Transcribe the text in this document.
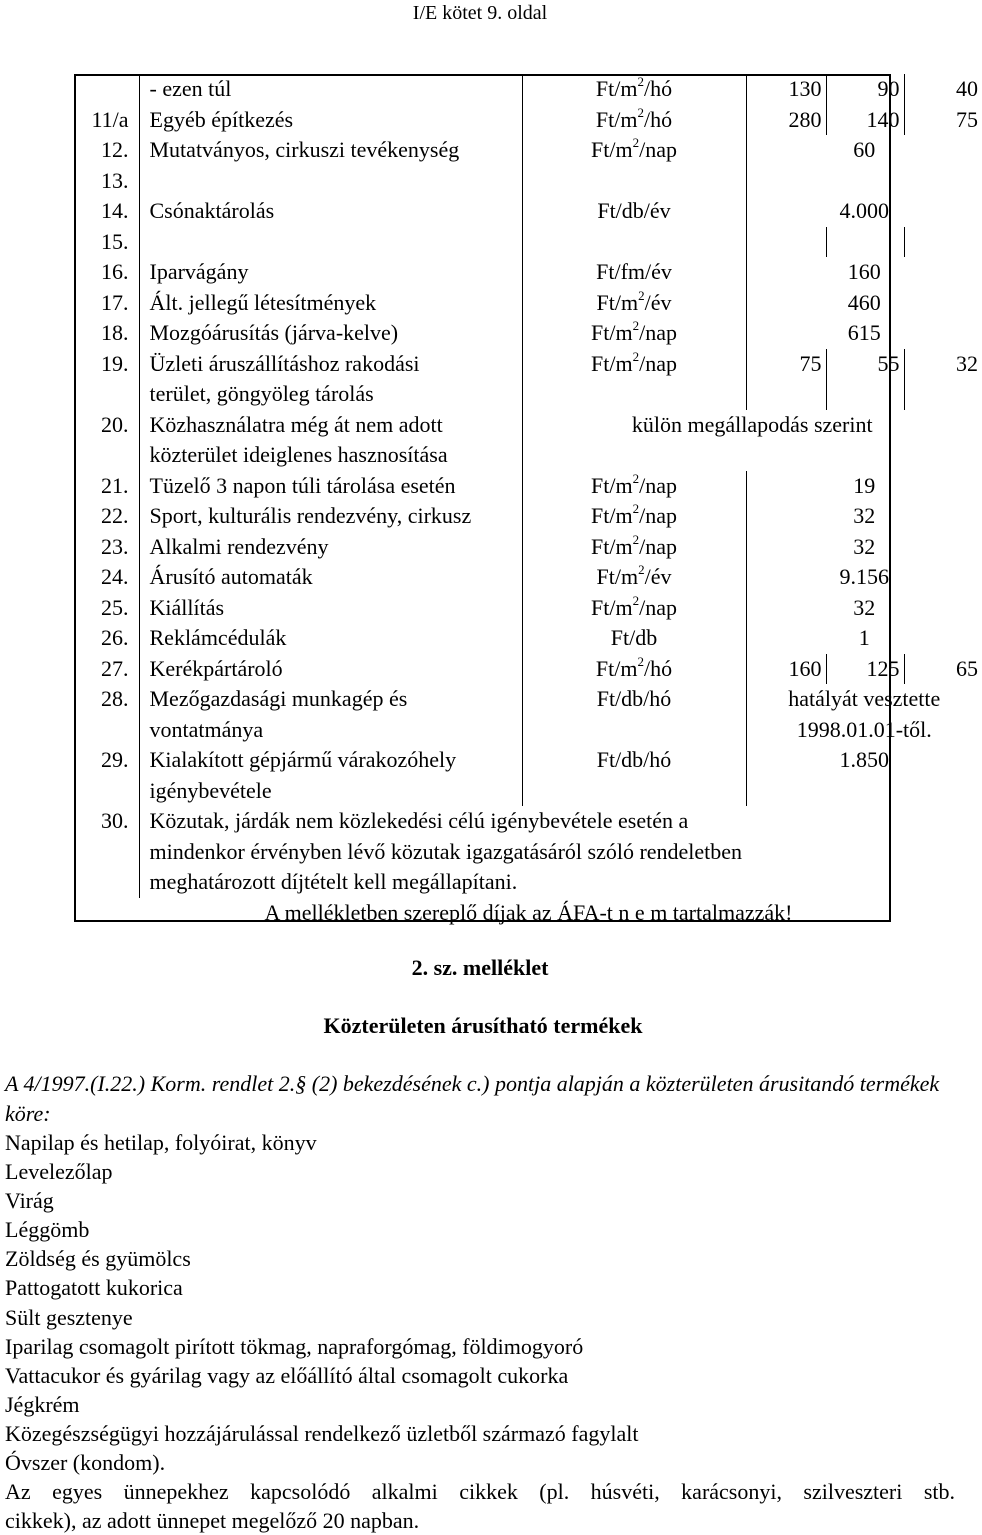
I/E kötet 9. oldal
	- ezen túl	$Ft/m^2/hó$	130	90	40
11/a	Egyéb építkezés	$Ft/m^2/hó$	280	140	75
12.	Mutatványos, cirkuszi tevékenység	$Ft/m^2$/nap	60		
13.					
14.	Csónaktárolás	Ft/db/év	4.000		
15.					
16.	Iparvágány	Ft/fm/év	160		
17.	Ált. jellegű létesítmények	$Ft/m^2/év$	460		
18.	Mozgóárusítás (járva-kelve)	$Ft/m^2$/nap	615		
19.	Üzleti áruszállításhoz rakodási
terület, göngyöleg tárolás	$Ft/m^2$/nap	75	55	32
20.	Közhasználatra még át nem adott
közterület ideiglenes hasznosítása	külön megállapodás szerint			
21.	Tüzelő 3 napon túli tárolása esetén	$Ft/m^2$/nap	19		
22.	Sport, kulturális rendezvény, cirkusz	$Ft/m^2$/nap	32		
23.	Alkalmi rendezvény	$Ft/m^2$/nap	32		
24.	Árusító automaták	$Ft/m^2/év$	9.156		
25.	Kiállítás	$Ft/m^2$/nap	32		
26.	Reklámcédulák	Ft/db	1		
27.	Kerékpártároló	$Ft/m^2/hó$	160	125	65
28.	Mezőgazdasági munkagép és
vontatmánya	Ft/db/hó	hatályát vesztette
1998.01.01-től.		

29.	Kialakított gépjármű várakozóhely
igénybevétele	Ft/db/hó	1.850		
30.	Közutak, járdák nem közlekedési célú igénybevétele esetén a
mindenkor érvényben lévő közutak igazgatásáról szóló rendeletben
meghatározott díjtételt kell megállapítani.				

A mellékletben szereplő díjak az ÁFA-t n e m tartalmazzák!					
2. sz. melléklet
Közterületen árusítható termékek
A 4/1997.(I.22.) Korm. rendlet 2.§ (2) bekezdésének c.) pontja alapján a közterületen árusitandó termékek köre:
Napilap és hetilap, folyóirat, könyv
Levelezőlap
Virág
Léggömb
Zöldség és gyümölcs
Pattogatott kukorica
Sült gesztenye
Iparilag csomagolt pirított tökmag, napraforgómag, földimogyoró
Vattacukor és gyárilag vagy az előállító által csomagolt cukorka
Jégkrém
Közegészségügyi hozzájárulással rendelkező üzletből származó fagylalt
Óvszer (kondom).
Az egyes ünnepekhez kapcsolódó alkalmi cikkek (pl. húsvéti, karácsonyi, szilveszteri stb.
cikkek), az adott ünnepet megelőző 20 napban.
